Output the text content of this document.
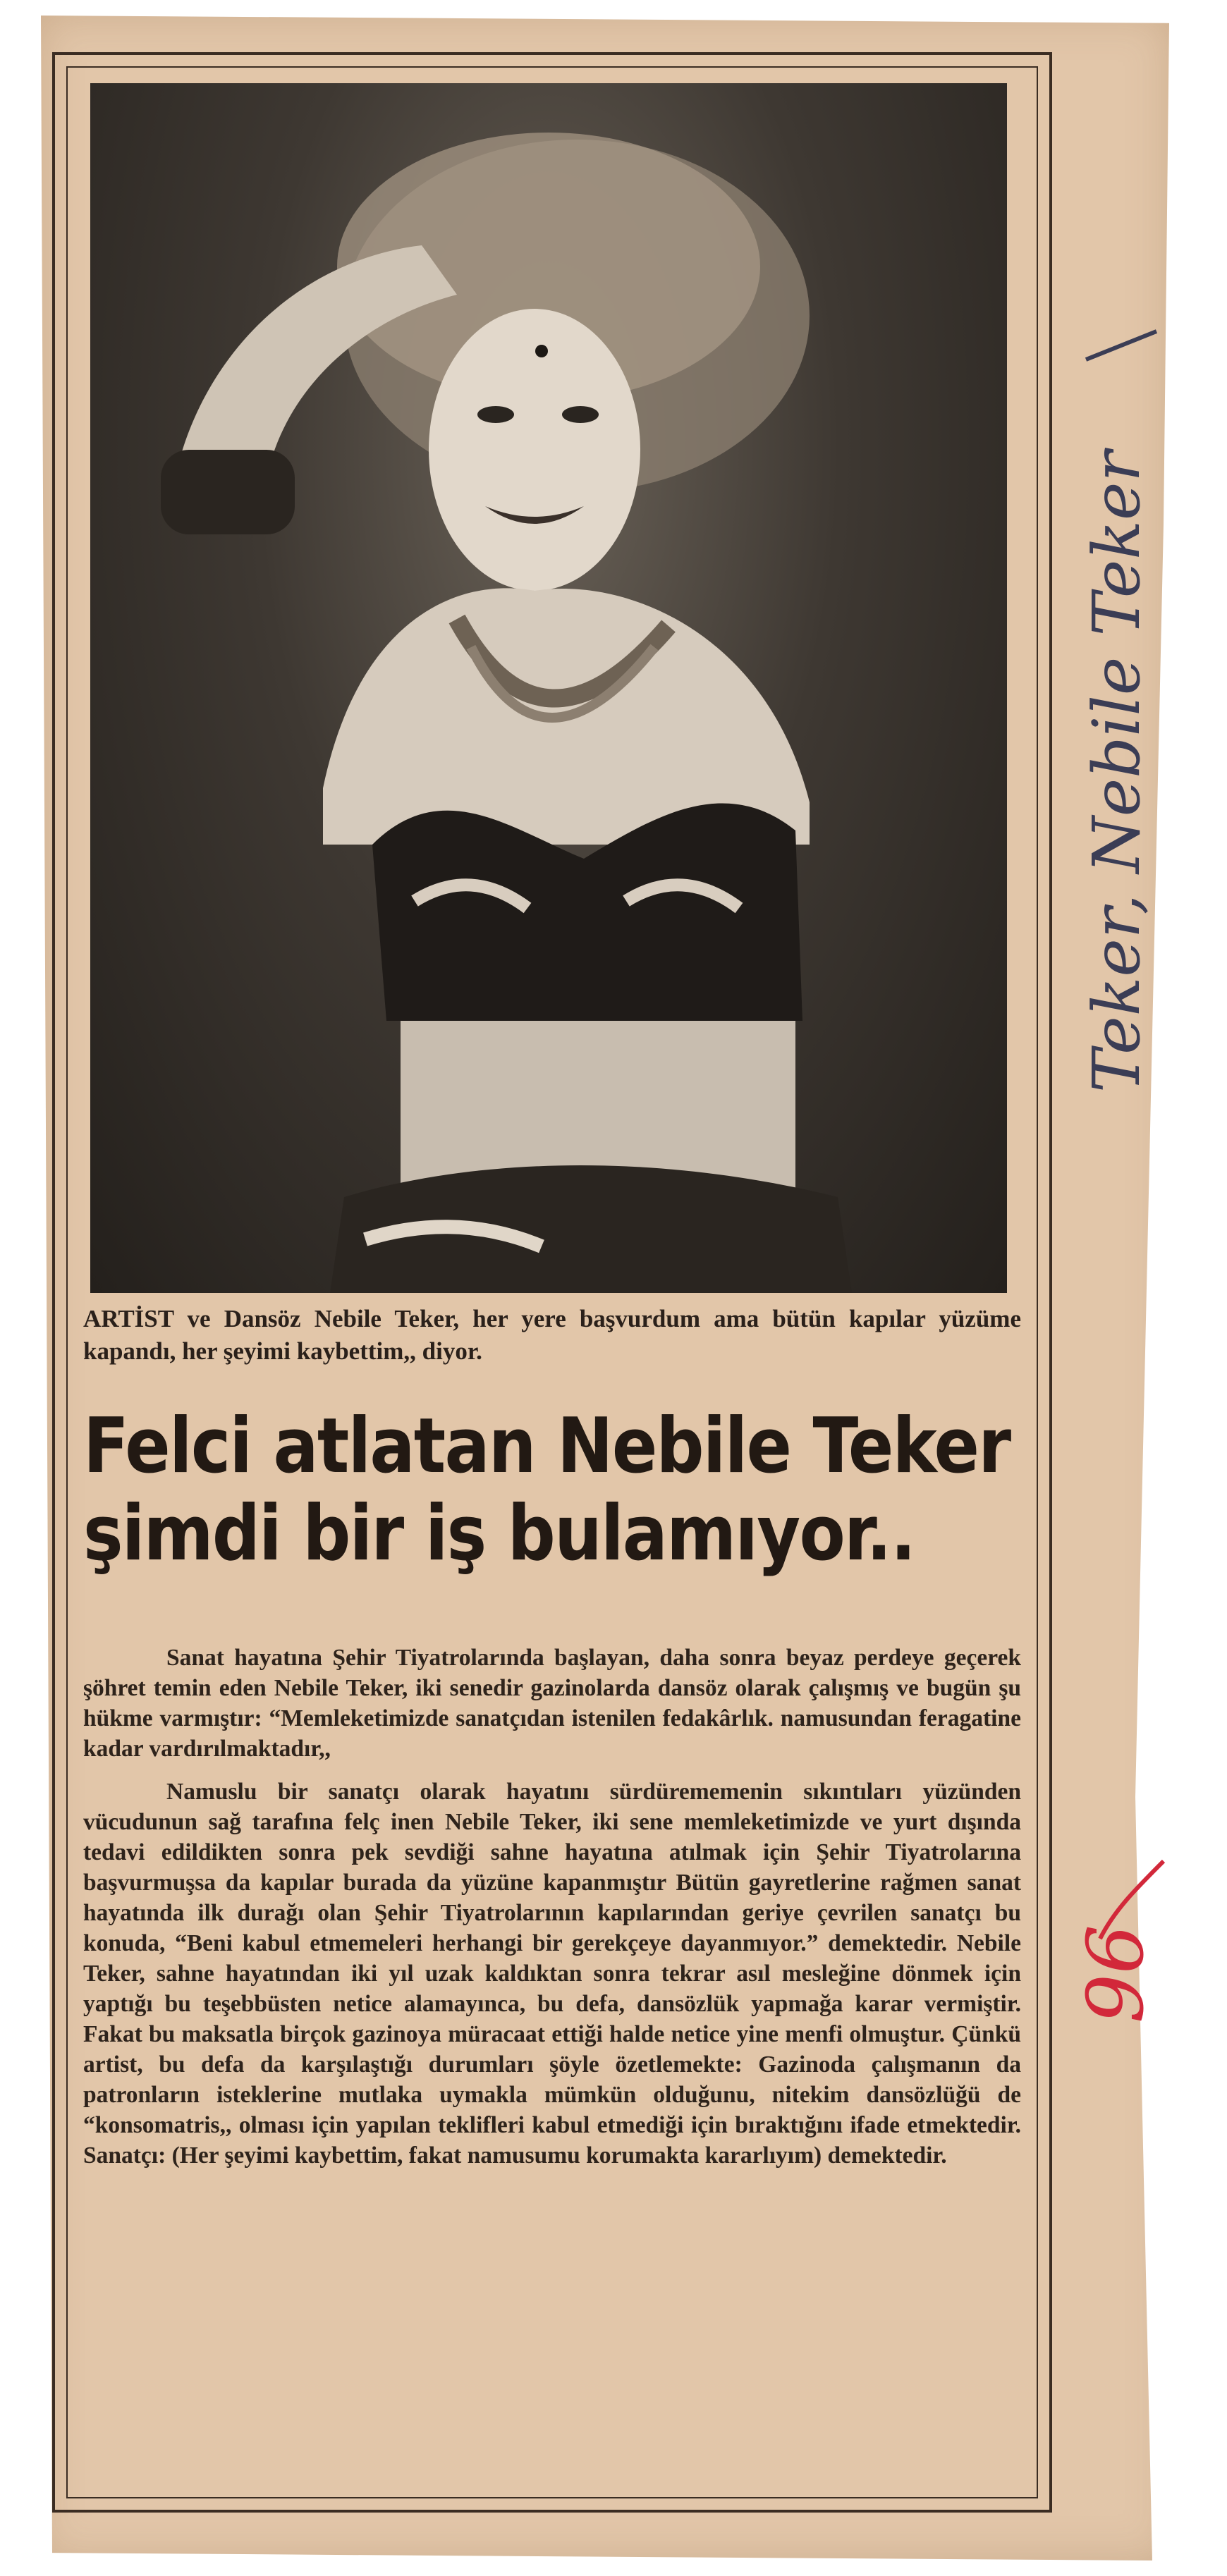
ARTİST ve Dansöz Nebile Teker, her yere başvurdum ama bütün kapılar yüzüme kapandı, her şeyimi kaybettim,, diyor.
Felci atlatan Nebile Teker
şimdi bir iş bulamıyor..

Sanat hayatına Şehir Tiyatrolarında başlayan, daha sonra beyaz perdeye geçerek şöhret temin eden Nebile Teker, iki senedir gazinolarda dansöz olarak çalışmış ve bugün şu hükme varmıştır: “Memleketimizde sanatçıdan istenilen fedakârlık. namusundan feragatine kadar vardırılmaktadır,,

Namuslu bir sanatçı olarak hayatını sürdürememenin sıkıntıları yüzünden vücudunun sağ tarafına felç inen Nebile Teker, iki sene memleketimizde ve yurt dışında tedavi edildikten sonra pek sevdiği sahne hayatına atılmak için Şehir Tiyatrolarına başvurmuşsa da kapılar burada da yüzüne kapanmıştır Bütün gayretlerine rağmen sanat hayatında ilk durağı olan Şehir Tiyatrolarının kapılarından geriye çevrilen sanatçı bu konuda, “Beni kabul etmemeleri herhangi bir gerekçeye dayanmıyor.” demektedir. Nebile Teker, sahne hayatından iki yıl uzak kaldıktan sonra tekrar asıl mesleğine dönmek için yaptığı bu teşebbüsten netice alamayınca, bu defa, dansözlük yapmağa karar vermiştir. Fakat bu maksatla birçok gazinoya müracaat ettiği halde netice yine menfi olmuştur. Çünkü artist, bu defa da karşılaştığı durumları şöyle özetlemekte: Gazinoda çalışmanın da patronların isteklerine mutlaka uymakla mümkün olduğunu, nitekim dansözlüğü de “konsomatris,, olması için yapılan teklifleri kabul etmediği için bıraktığını ifade etmektedir. Sanatçı: (Her şeyimi kaybettim, fakat namusumu korumakta kararlıyım) demektedir.

Teker, Nebile Teker
96
